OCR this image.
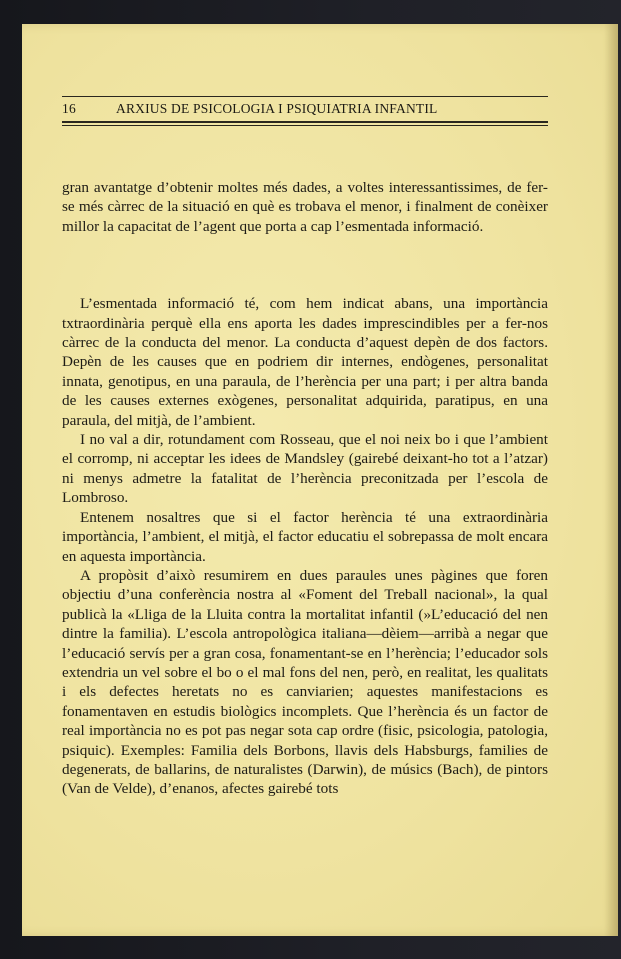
16	ARXIUS DE PSICOLOGIA I PSIQUIATRIA INFANTIL

gran avantatge d’obtenir moltes més dades, a voltes interessantissimes, de fer-se més càrrec de la situació en què es trobava el menor, i finalment de conèixer millor la capacitat de l’agent que porta a cap l’esmentada informació.

L’esmentada informació té, com hem indicat abans, una importància txtraordinària perquè ella ens aporta les dades imprescindibles per a fer-nos càrrec de la conducta del menor. La conducta d’aquest depèn de dos factors. Depèn de les causes que en podriem dir internes, endògenes, personalitat innata, genotipus, en una paraula, de l’herència per una part; i per altra banda de les causes externes exògenes, personalitat adquirida, paratipus, en una paraula, del mitjà, de l’ambient.

I no val a dir, rotundament com Rosseau, que el noi neix bo i que l’ambient el corromp, ni acceptar les idees de Mandsley (gairebé deixant-ho tot a l’atzar) ni menys admetre la fatalitat de l’herència preconitzada per l’escola de Lombroso.

Entenem nosaltres que si el factor herència té una extraordinària importància, l’ambient, el mitjà, el factor educatiu el sobrepassa de molt encara en aquesta importància.

A propòsit d’això resumirem en dues paraules unes pàgines que foren objectiu d’una conferència nostra al «Foment del Treball nacional», la qual publicà la «Lliga de la Lluita contra la mortalitat infantil (»L’educació del nen dintre la familia). L’escola antropològica italiana—dèiem—arribà a negar que l’educació servís per a gran cosa, fonamentant-se en l’herència; l’educador sols extendria un vel sobre el bo o el mal fons del nen, però, en realitat, les qualitats i els defectes heretats no es canviarien; aquestes manifestacions es fonamentaven en estudis biològics incomplets. Que l’herència és un factor de real importància no es pot pas negar sota cap ordre (fisic, psicologia, patologia, psiquic). Exemples: Familia dels Borbons, llavis dels Habsburgs, families de degenerats, de ballarins, de naturalistes (Darwin), de músics (Bach), de pintors (Van de Velde), d’enanos, afectes gairebé tots
